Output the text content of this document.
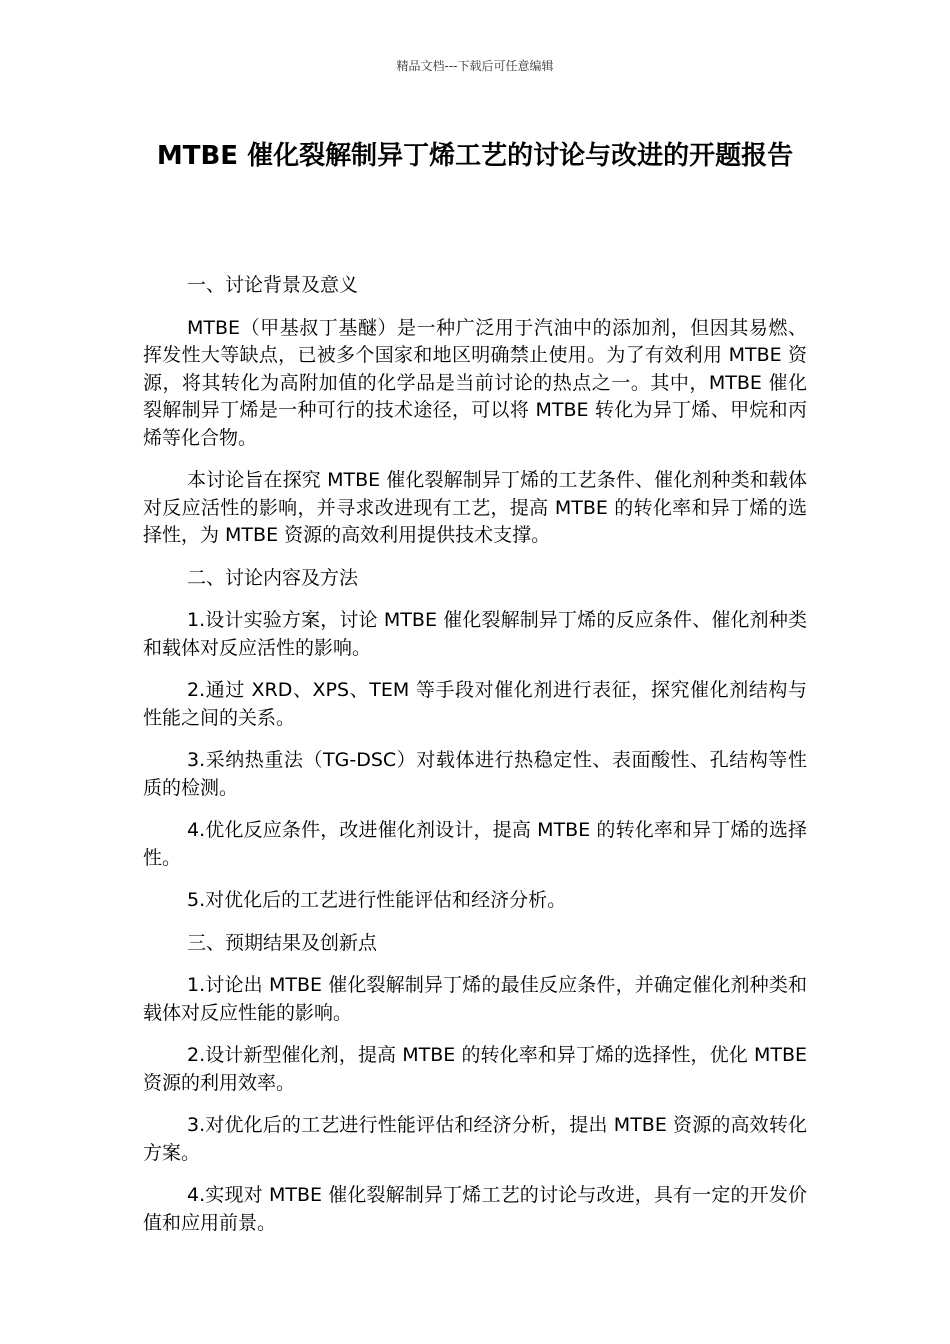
精品文档---下载后可任意编辑
MTBE 催化裂解制异丁烯工艺的讨论与改进的开题报告

一、讨论背景及意义

MTBE（甲基叔丁基醚）是一种广泛用于汽油中的添加剂，但因其易燃、挥发性大等缺点，已被多个国家和地区明确禁止使用。为了有效利用 MTBE 资源，将其转化为高附加值的化学品是当前讨论的热点之一。其中，MTBE 催化裂解制异丁烯是一种可行的技术途径，可以将 MTBE 转化为异丁烯、甲烷和丙烯等化合物。

本讨论旨在探究 MTBE 催化裂解制异丁烯的工艺条件、催化剂种类和载体对反应活性的影响，并寻求改进现有工艺，提高 MTBE 的转化率和异丁烯的选择性，为 MTBE 资源的高效利用提供技术支撑。

二、讨论内容及方法

1.设计实验方案，讨论 MTBE 催化裂解制异丁烯的反应条件、催化剂种类和载体对反应活性的影响。

2.通过 XRD、XPS、TEM 等手段对催化剂进行表征，探究催化剂结构与性能之间的关系。

3.采纳热重法（TG-DSC）对载体进行热稳定性、表面酸性、孔结构等性质的检测。

4.优化反应条件，改进催化剂设计，提高 MTBE 的转化率和异丁烯的选择性。

5.对优化后的工艺进行性能评估和经济分析。

三、预期结果及创新点

1.讨论出 MTBE 催化裂解制异丁烯的最佳反应条件，并确定催化剂种类和载体对反应性能的影响。

2.设计新型催化剂，提高 MTBE 的转化率和异丁烯的选择性，优化 MTBE 资源的利用效率。

3.对优化后的工艺进行性能评估和经济分析，提出 MTBE 资源的高效转化方案。

4.实现对 MTBE 催化裂解制异丁烯工艺的讨论与改进，具有一定的开发价值和应用前景。
